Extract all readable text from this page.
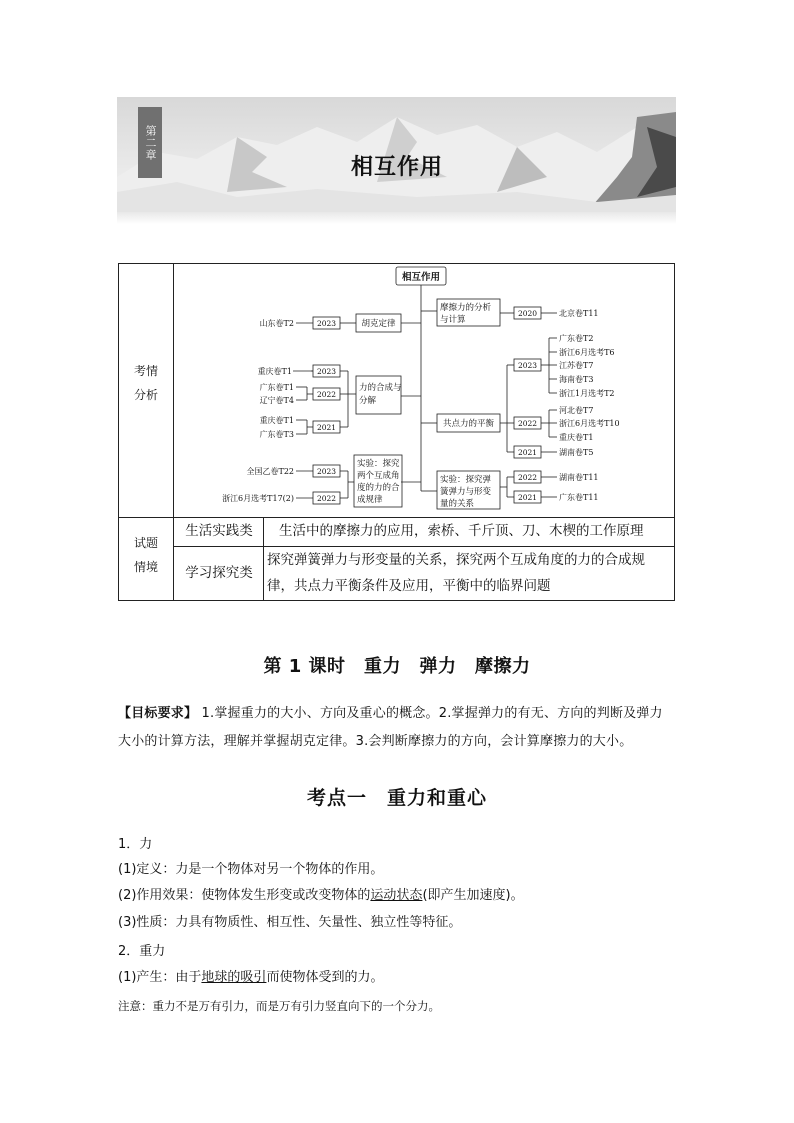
第二章
相互作用
考情
分析
试题
情境
生活实践类	生活中的摩擦力的应用，索桥、千斤顶、刀、木楔的工作原理
学习探究类
探究弹簧弹力与形变量的关系，探究两个互成角度的力的合成规律，共点力平衡条件及应用，平衡中的临界问题
相互作用
胡克定律
力的合成与
分解
实验：探究
两个互成角
度的力的合
成规律
摩擦力的分析
与计算
共点力的平衡
实验：探究弹
簧弹力与形变
量的关系
2023
2023
2022
2021
2023
2022
2020
2023
2022
2021
2022
2021
山东卷T2
重庆卷T1
广东卷T1
辽宁卷T4
重庆卷T1
广东卷T3
全国乙卷T22
浙江6月选考T17(2)
北京卷T11
广东卷T2
浙江6月选考T6
江苏卷T7
海南卷T3
浙江1月选考T2
河北卷T7
浙江6月选考T10
重庆卷T1
湖南卷T5
湖南卷T11
广东卷T11
第 1 课时　重力　弹力　摩擦力
【目标要求】 1.掌握重力的大小、方向及重心的概念。2.掌握弹力的有无、方向的判断及弹力
大小的计算方法，理解并掌握胡克定律。3.会判断摩擦力的方向，会计算摩擦力的大小。
考点一　重力和重心
1．力
(1)定义：力是一个物体对另一个物体的作用。
(2)作用效果：使物体发生形变或改变物体的运动状态(即产生加速度)。
(3)性质：力具有物质性、相互性、矢量性、独立性等特征。
2．重力
(1)产生：由于地球的吸引而使物体受到的力。
注意：重力不是万有引力，而是万有引力竖直向下的一个分力。
